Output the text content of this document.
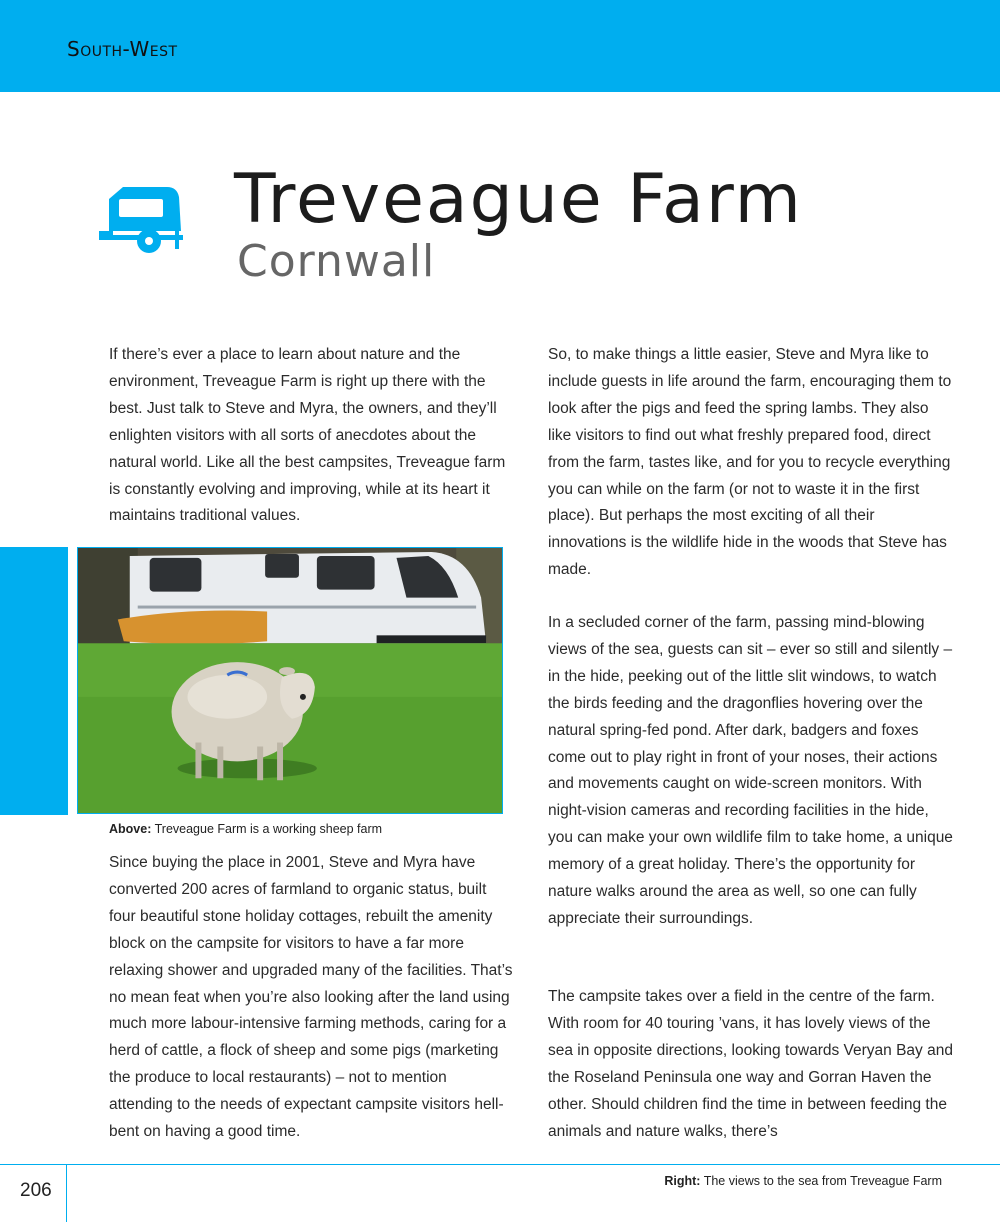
South-West
Treveague Farm
Cornwall

If there’s ever a place to learn about nature and the environment, Treveague Farm is right up there with the best. Just talk to Steve and Myra, the owners, and they’ll enlighten visitors with all sorts of anecdotes about the natural world. Like all the best campsites, Treveague farm is constantly evolving and improving, while at its heart it maintains traditional values.

Above: Treveague Farm is a working sheep farm

Since buying the place in 2001, Steve and Myra have converted 200 acres of farmland to organic status, built four beautiful stone holiday cottages, rebuilt the amenity block on the campsite for visitors to have a far more relaxing shower and upgraded many of the facilities. That’s no mean feat when you’re also looking after the land using much more labour-intensive farming methods, caring for a herd of cattle, a flock of sheep and some pigs (marketing the produce to local restaurants) – not to mention attending to the needs of expectant campsite visitors hell-bent on having a good time.

So, to make things a little easier, Steve and Myra like to include guests in life around the farm, encouraging them to look after the pigs and feed the spring lambs. They also like visitors to find out what freshly prepared food, direct from the farm, tastes like, and for you to recycle everything you can while on the farm (or not to waste it in the first place). But perhaps the most exciting of all their innovations is the wildlife hide in the woods that Steve has made.

In a secluded corner of the farm, passing mind-blowing views of the sea, guests can sit – ever so still and silently – in the hide, peeking out of the little slit windows, to watch the birds feeding and the dragonflies hovering over the natural spring-fed pond. After dark, badgers and foxes come out to play right in front of your noses, their actions and movements caught on wide-screen monitors. With night-vision cameras and recording facilities in the hide, you can make your own wildlife film to take home, a unique memory of a great holiday. There’s the opportunity for nature walks around the area as well, so one can fully appreciate their surroundings.

The campsite takes over a field in the centre of the farm. With room for 40 touring ’vans, it has lovely views of the sea in opposite directions, looking towards Veryan Bay and the Roseland Peninsula one way and Gorran Haven the other. Should children find the time in between feeding the animals and nature walks, there’s

206	Right: The views to the sea from Treveague Farm
